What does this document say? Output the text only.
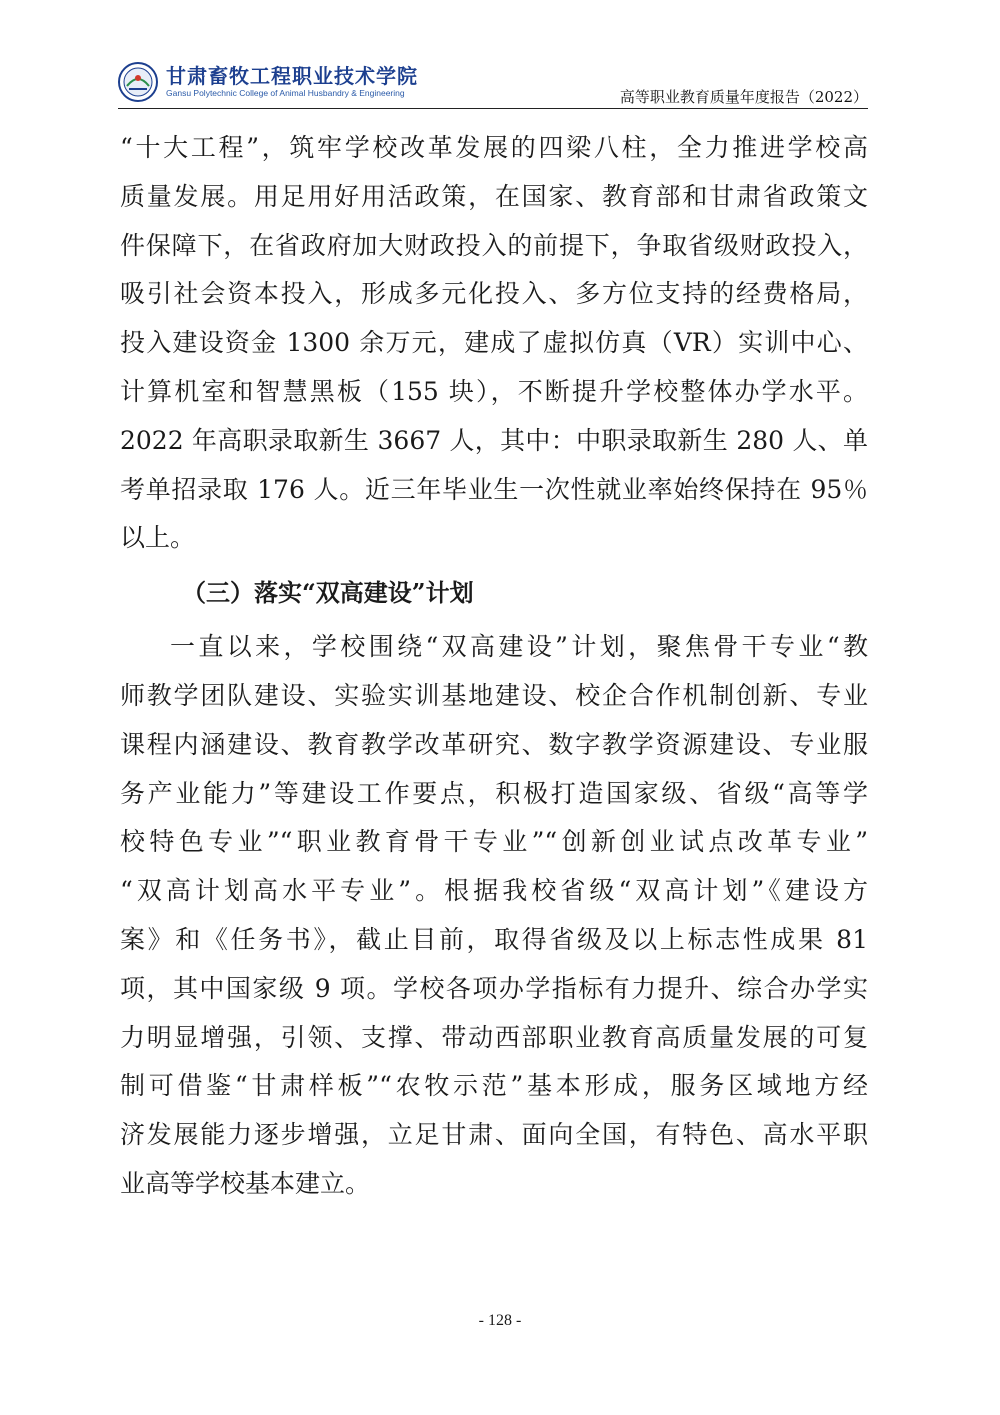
甘肃畜牧工程职业技术学院
Gansu Polytechnic College of Animal Husbandry & Engineering	高等职业教育质量年度报告（2022）
“十大工程”，筑牢学校改革发展的四梁八柱，全力推进学校高
质量发展。用足用好用活政策，在国家、教育部和甘肃省政策文
件保障下，在省政府加大财政投入的前提下，争取省级财政投入，
吸引社会资本投入，形成多元化投入、多方位支持的经费格局，
投入建设资金 1300 余万元，建成了虚拟仿真（VR）实训中心、
计算机室和智慧黑板（155 块），不断提升学校整体办学水平。
2022 年高职录取新生 3667 人，其中：中职录取新生 280 人、单
考单招录取 176 人。近三年毕业生一次性就业率始终保持在 95％
以上。
（三）落实“双高建设”计划
一直以来，学校围绕“双高建设”计划，聚焦骨干专业“教
师教学团队建设、实验实训基地建设、校企合作机制创新、专业
课程内涵建设、教育教学改革研究、数字教学资源建设、专业服
务产业能力”等建设工作要点，积极打造国家级、省级“高等学
校特色专业”“职业教育骨干专业”“创新创业试点改革专业”
“双高计划高水平专业”。根据我校省级“双高计划”《建设方
案》和《任务书》，截止目前，取得省级及以上标志性成果 81
项，其中国家级 9 项。学校各项办学指标有力提升、综合办学实
力明显增强，引领、支撑、带动西部职业教育高质量发展的可复
制可借鉴“甘肃样板”“农牧示范”基本形成，服务区域地方经
济发展能力逐步增强，立足甘肃、面向全国，有特色、高水平职
业高等学校基本建立。
- 128 -
